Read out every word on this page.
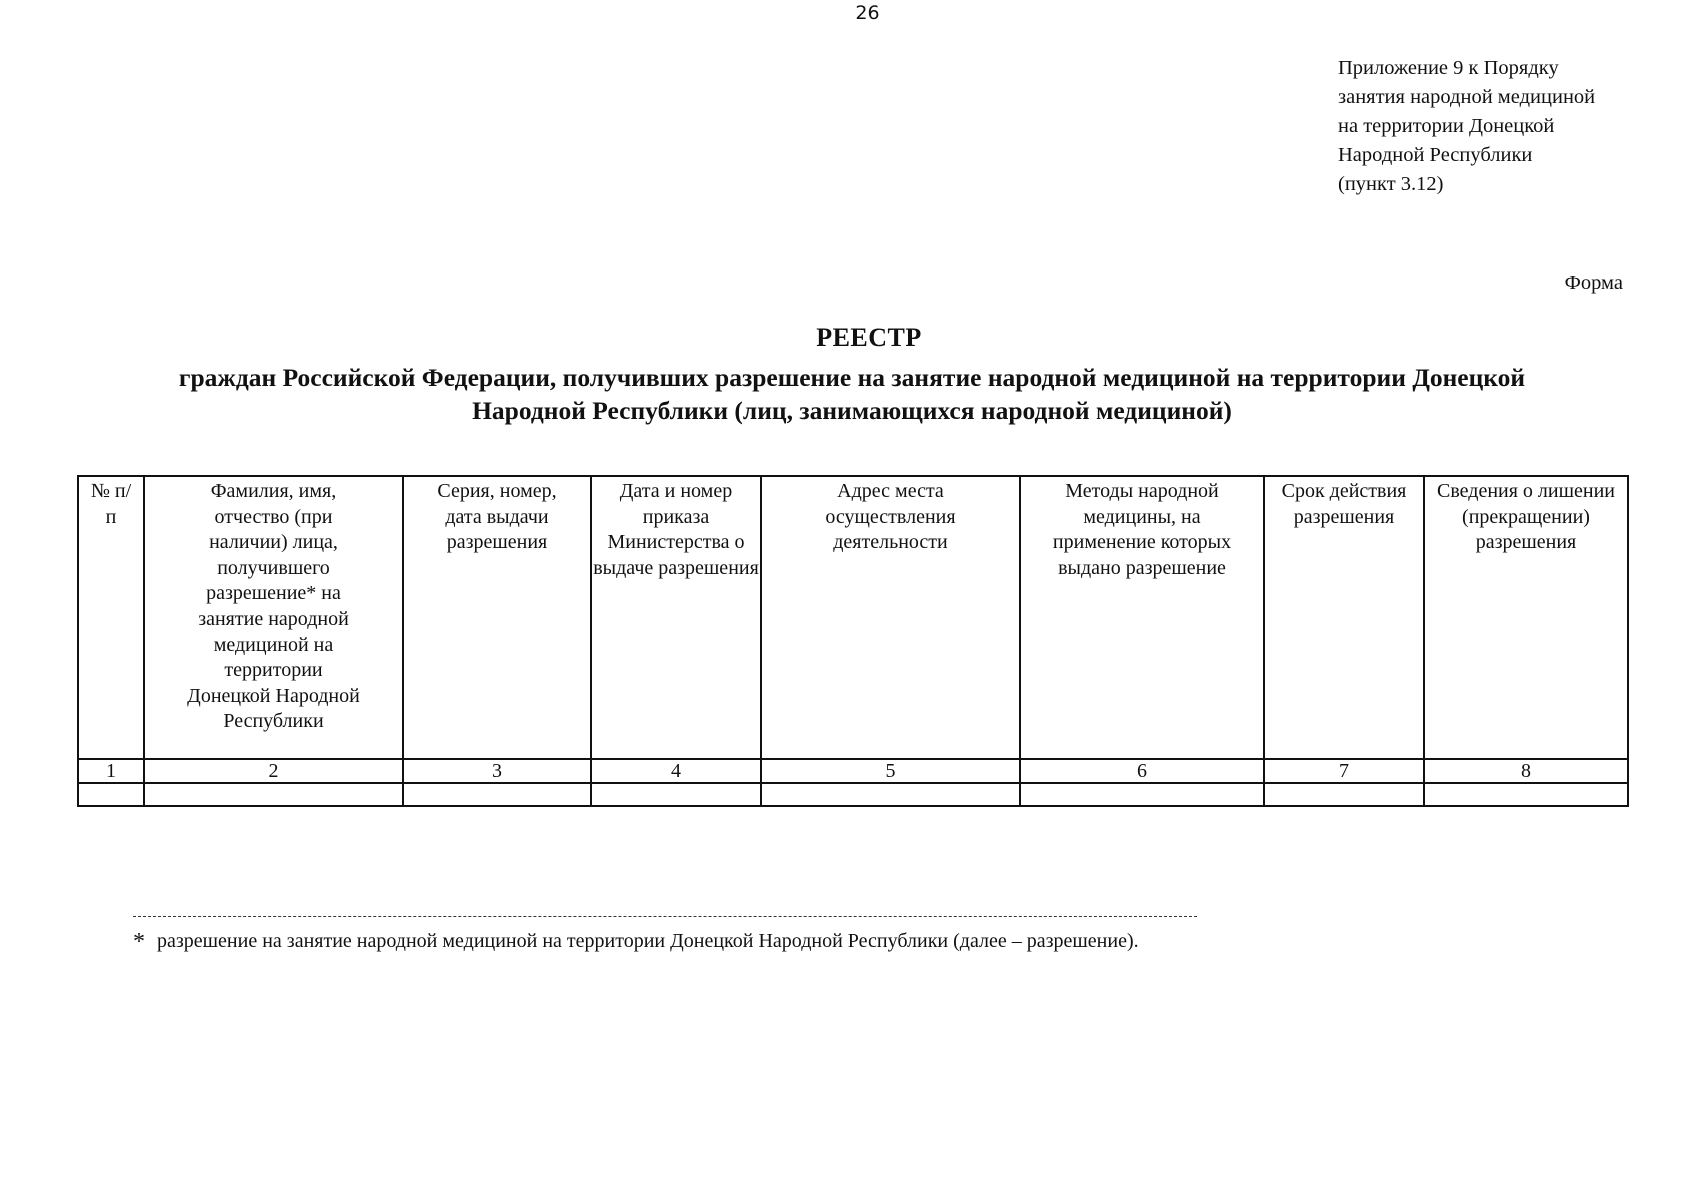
26
Приложение 9 к Порядку
занятия народной медициной
на территории Донецкой
Народной Республики
(пункт 3.12)
Форма
РЕЕСТР
граждан Российской Федерации, получивших разрешение на занятие народной медициной на территории Донецкой
Народной Республики (лиц, занимающихся народной медициной)
№ п/п	Фамилия, имя, отчество (при наличии) лица, получившего разрешение* на занятие народной медициной на территории Донецкой Народной Республики	Серия, номер, дата выдачи разрешения	Дата и номер приказа Министерства о выдаче разрешения	Адрес места осуществления деятельности	Методы народной медицины, на применение которых выдано разрешение	Срок действия разрешения	Сведения о лишении (прекращении) разрешения
1	2	3	4	5	6	7	8

* разрешение на занятие народной медициной на территории Донецкой Народной Республики (далее – разрешение).
